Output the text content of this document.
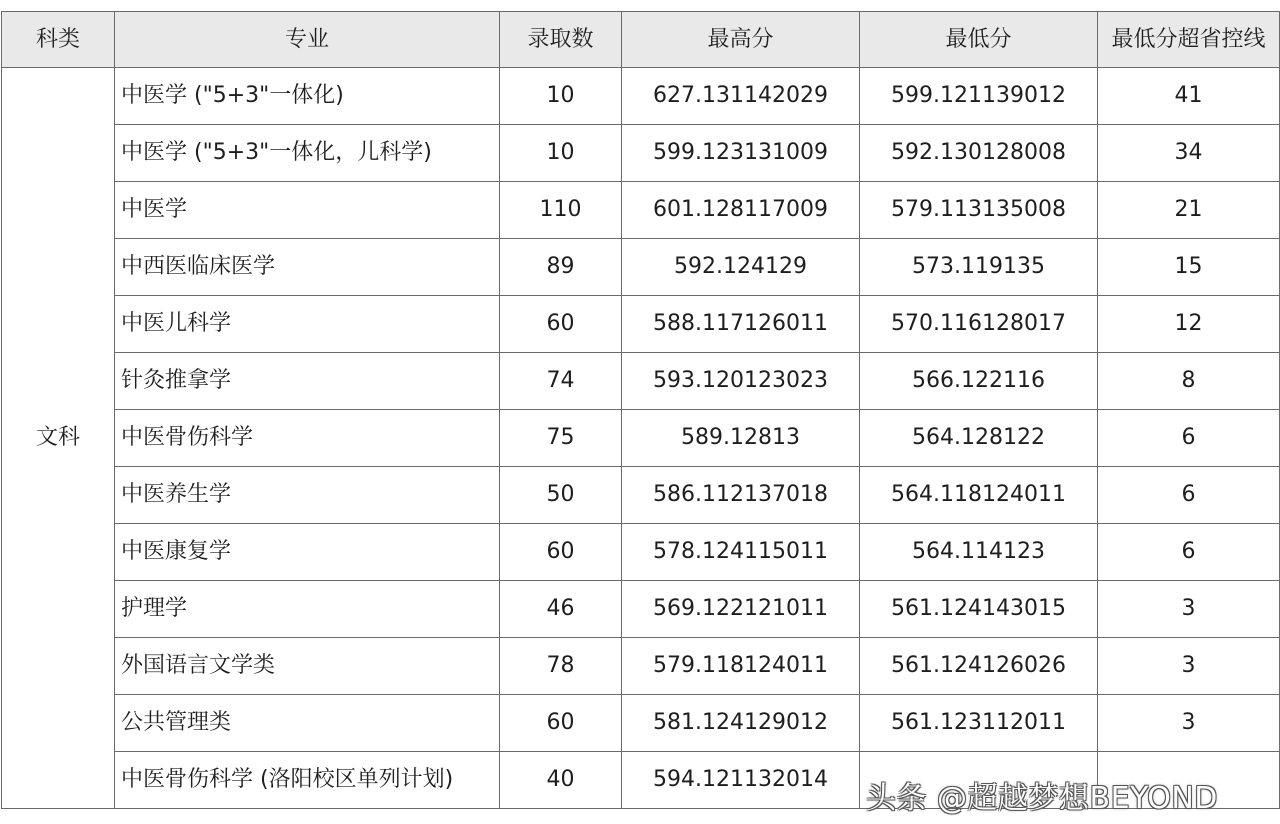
科类	专业	录取数	最高分	最低分	最低分超省控线
文科	中医学 ("5+3"一体化)	10	627.131142029	599.121139012	41
	中医学 ("5+3"一体化，儿科学)	10	599.123131009	592.130128008	34
	中医学	110	601.128117009	579.113135008	21
	中西医临床医学	89	592.124129	573.119135	15
	中医儿科学	60	588.117126011	570.116128017	12
	针灸推拿学	74	593.120123023	566.122116	8
	中医骨伤科学	75	589.12813	564.128122	6
	中医养生学	50	586.112137018	564.118124011	6
	中医康复学	60	578.124115011	564.114123	6
	护理学	46	569.122121011	561.124143015	3
	外国语言文学类	78	579.118124011	561.124126026	3
	公共管理类	60	581.124129012	561.123112011	3
	中医骨伤科学 (洛阳校区单列计划)	40	594.121132014		
头条 @超越梦想BEYOND
